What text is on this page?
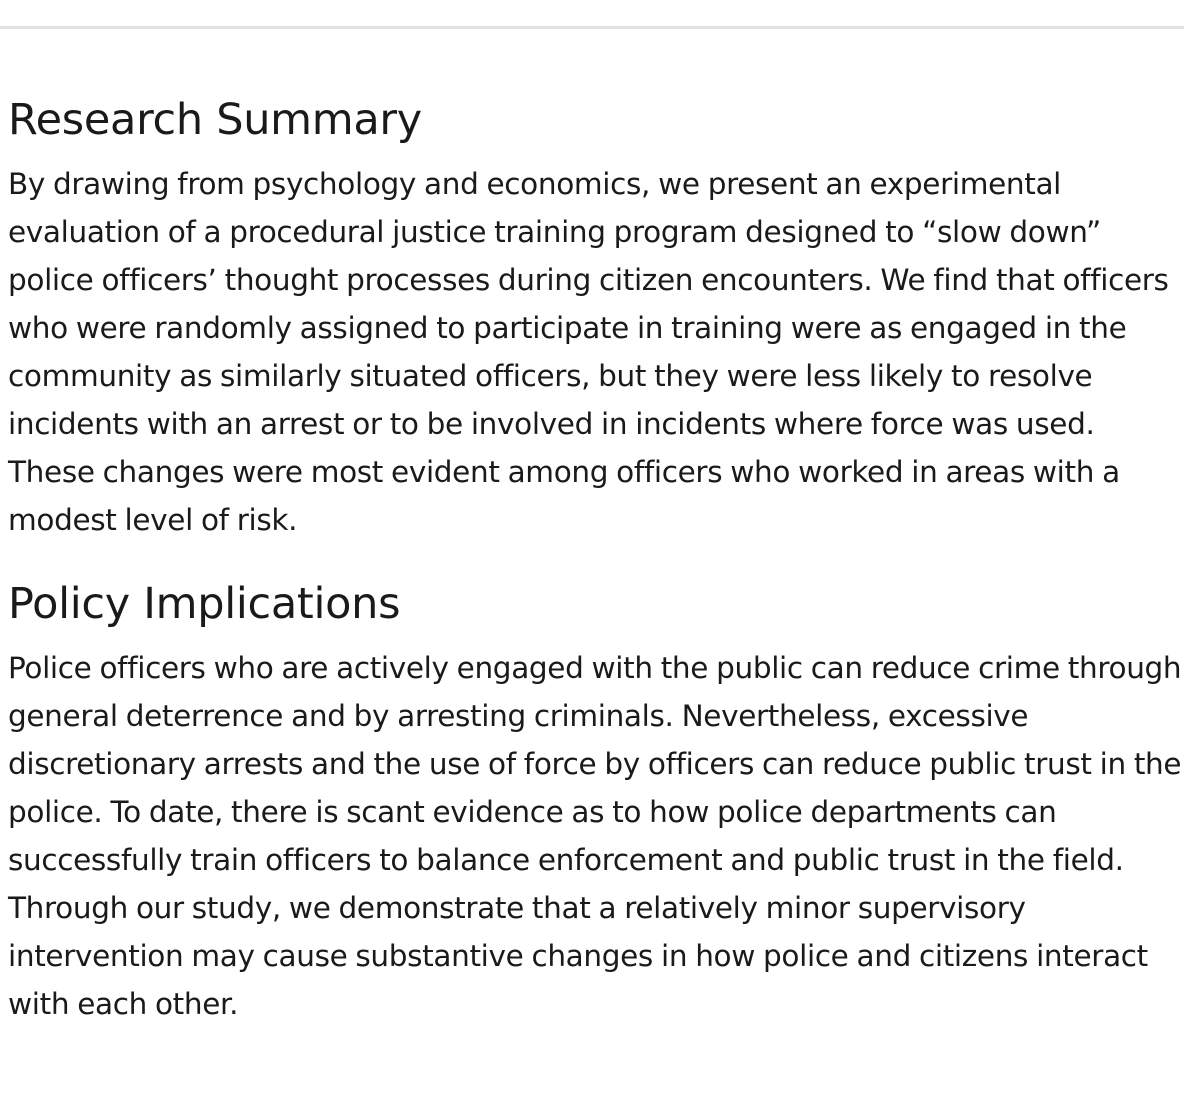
Research Summary

By drawing from psychology and economics, we present an experimental evaluation of a procedural justice training program designed to “slow down” police officers’ thought processes during citizen encounters. We find that officers who were randomly assigned to participate in training were as engaged in the community as similarly situated officers, but they were less likely to resolve incidents with an arrest or to be involved in incidents where force was used. These changes were most evident among officers who worked in areas with a modest level of risk.

Policy Implications

Police officers who are actively engaged with the public can reduce crime through general deterrence and by arresting criminals. Nevertheless, excessive discretionary arrests and the use of force by officers can reduce public trust in the police. To date, there is scant evidence as to how police departments can successfully train officers to balance enforcement and public trust in the field. Through our study, we demonstrate that a relatively minor supervisory intervention may cause substantive changes in how police and citizens interact with each other.
